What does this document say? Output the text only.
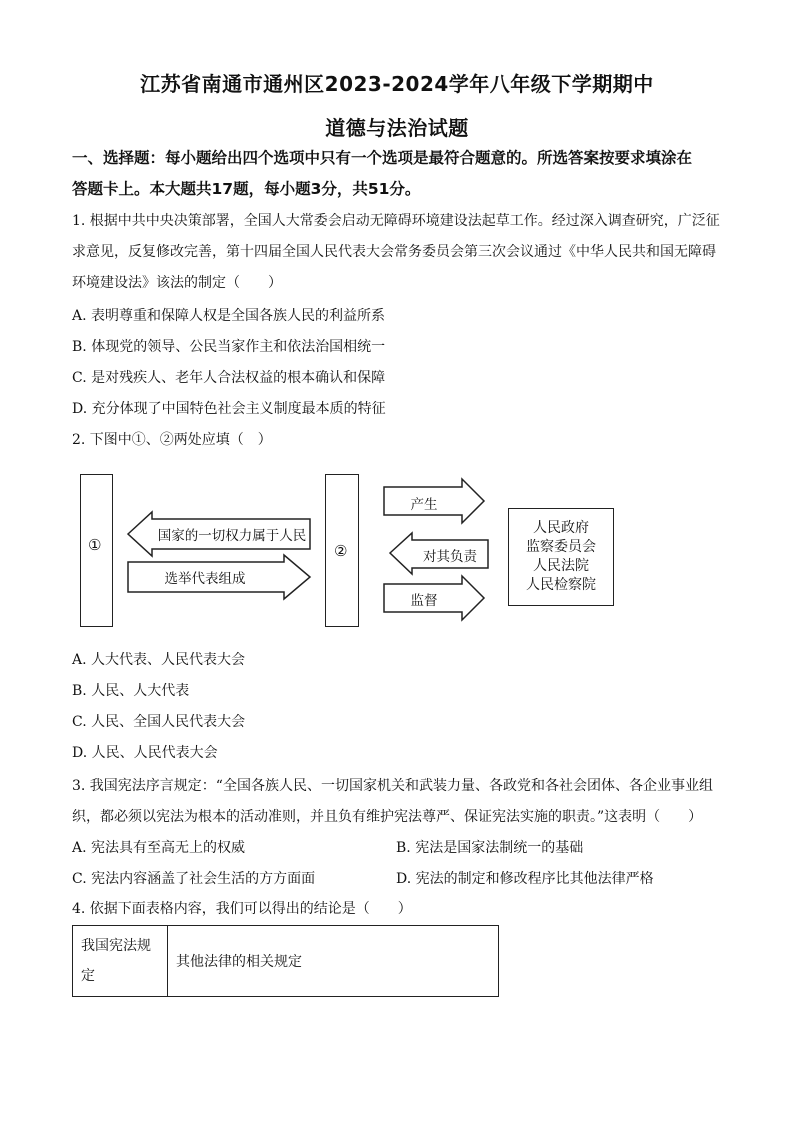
江苏省南通市通州区2023-2024学年八年级下学期期中
道德与法治试题
一、选择题：每小题给出四个选项中只有一个选项是最符合题意的。所选答案按要求填涂在
答题卡上。本大题共17题，每小题3分，共51分。
1. 根据中共中央决策部署，全国人大常委会启动无障碍环境建设法起草工作。经过深入调查研究，广泛征
求意见，反复修改完善，第十四届全国人民代表大会常务委员会第三次会议通过《中华人民共和国无障碍
环境建设法》该法的制定（　　）
A. 表明尊重和保障人权是全国各族人民的利益所系
B. 体现党的领导、公民当家作主和依法治国相统一
C. 是对残疾人、老年人合法权益的根本确认和保障
D. 充分体现了中国特色社会主义制度最本质的特征
2. 下图中①、②两处应填（　）
①	②
国家的一切权力属于人民
选举代表组成
产生
对其负责
监督
人民政府
监察委员会
人民法院
人民检察院
A. 人大代表、人民代表大会
B. 人民、人大代表
C. 人民、全国人民代表大会
D. 人民、人民代表大会
3. 我国宪法序言规定：“全国各族人民、一切国家机关和武装力量、各政党和各社会团体、各企业事业组
织，都必须以宪法为根本的活动准则，并且负有维护宪法尊严、保证宪法实施的职责。”这表明（　　）
A. 宪法具有至高无上的权威	B. 宪法是国家法制统一的基础
C. 宪法内容涵盖了社会生活的方方面面	D. 宪法的制定和修改程序比其他法律严格
4. 依据下面表格内容，我们可以得出的结论是（　　）
我国宪法规
定
	其他法律的相关规定
